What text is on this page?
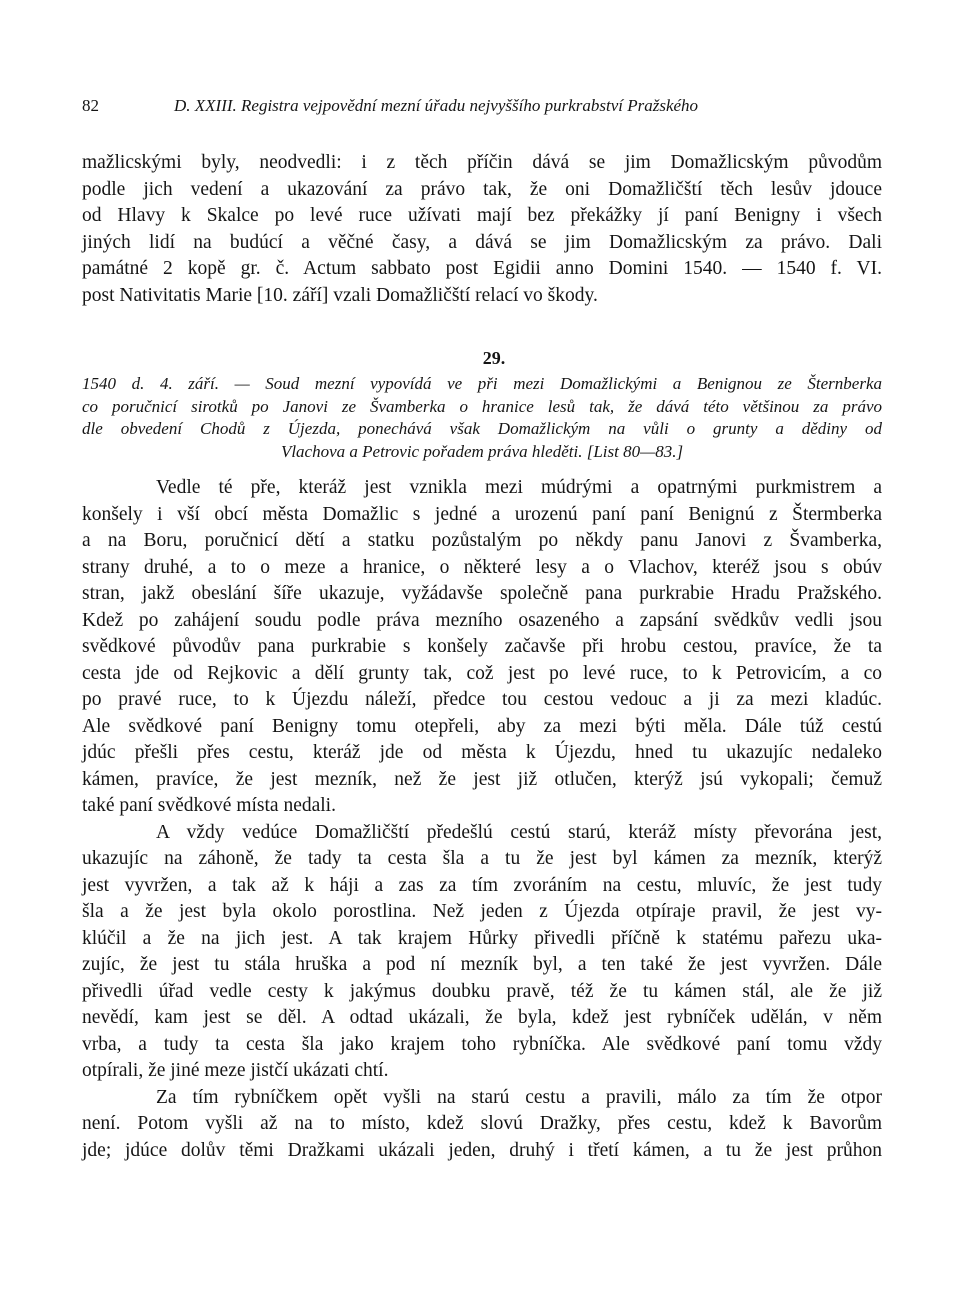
82	D. XXIII. Registra vejpovědní mezní úřadu nejvyššího purkrabství Pražského
mažlicskými byly, neodvedli: i z těch příčin dává se jim Domažlicským původům
podle jich vedení a ukazování za právo tak, že oni Domažličští těch lesův jdouce
od Hlavy k Skalce po levé ruce užívati mají bez překážky jí paní Benigny i všech
jiných lidí na budúcí a věčné časy, a dává se jim Domažlicským za právo. Dali
památné 2 kopě gr. č. Actum sabbato post Egidii anno Domini 1540. — 1540 f. VI.
post Nativitatis Marie [10. září] vzali Domažličští relací vo škody.
29.
1540 d. 4. září. — Soud mezní vypovídá ve při mezi Domažlickými a Benignou ze Šternberka
co poručnicí sirotků po Janovi ze Švamberka o hranice lesů tak, že dává této většinou za právo
dle obvedení Chodů z Újezda, ponechává však Domažlickým na vůli o grunty a dědiny od
Vlachova a Petrovic pořadem práva hleděti. [List 80—83.]
Vedle té pře, kteráž jest vznikla mezi múdrými a opatrnými purkmistrem a
konšely i vší obcí města Domažlic s jedné a urozenú paní paní Benignú z Štermberka
a na Boru, poručnicí dětí a statku pozůstalým po někdy panu Janovi z Švamberka,
strany druhé, a to o meze a hranice, o některé lesy a o Vlachov, kteréž jsou s obúv
stran, jakž obeslání šíře ukazuje, vyžádavše společně pana purkrabie Hradu Pražského.
Kdež po zahájení soudu podle práva mezního osazeného a zapsání svědkův vedli jsou
svědkové původův pana purkrabie s konšely začavše při hrobu cestou, pravíce, že ta
cesta jde od Rejkovic a dělí grunty tak, což jest po levé ruce, to k Petrovicím, a co
po pravé ruce, to k Újezdu náleží, předce tou cestou vedouc a ji za mezi kladúc.
Ale svědkové paní Benigny tomu otepřeli, aby za mezi býti měla. Dále túž cestú
jdúc přešli přes cestu, kteráž jde od města k Újezdu, hned tu ukazujíc nedaleko
kámen, pravíce, že jest mezník, než že jest již otlučen, kterýž jsú vykopali; čemuž
také paní svědkové místa nedali.
A vždy vedúce Domažličští předešlú cestú starú, kteráž místy převorána jest,
ukazujíc na záhoně, že tady ta cesta šla a tu že jest byl kámen za mezník, kterýž
jest vyvržen, a tak až k háji a zas za tím zvoráním na cestu, mluvíc, že jest tudy
šla a že jest byla okolo porostlina. Než jeden z Újezda otpíraje pravil, že jest vy-
klúčil a že na jich jest. A tak krajem Hůrky přivedli příčně k statému pařezu uka-
zujíc, že jest tu stála hruška a pod ní mezník byl, a ten také že jest vyvržen. Dále
přivedli úřad vedle cesty k jakýmus doubku pravě, též že tu kámen stál, ale že již
nevědí, kam jest se děl. A odtad ukázali, že byla, kdež jest rybníček udělán, v něm
vrba, a tudy ta cesta šla jako krajem toho rybníčka. Ale svědkové paní tomu vždy
otpírali, že jiné meze jistčí ukázati chtí.
Za tím rybníčkem opět vyšli na starú cestu a pravili, málo za tím že otpor
není. Potom vyšli až na to místo, kdež slovú Dražky, přes cestu, kdež k Bavorům
jde; jdúce dolův těmi Dražkami ukázali jeden, druhý i třetí kámen, a tu že jest průhon
